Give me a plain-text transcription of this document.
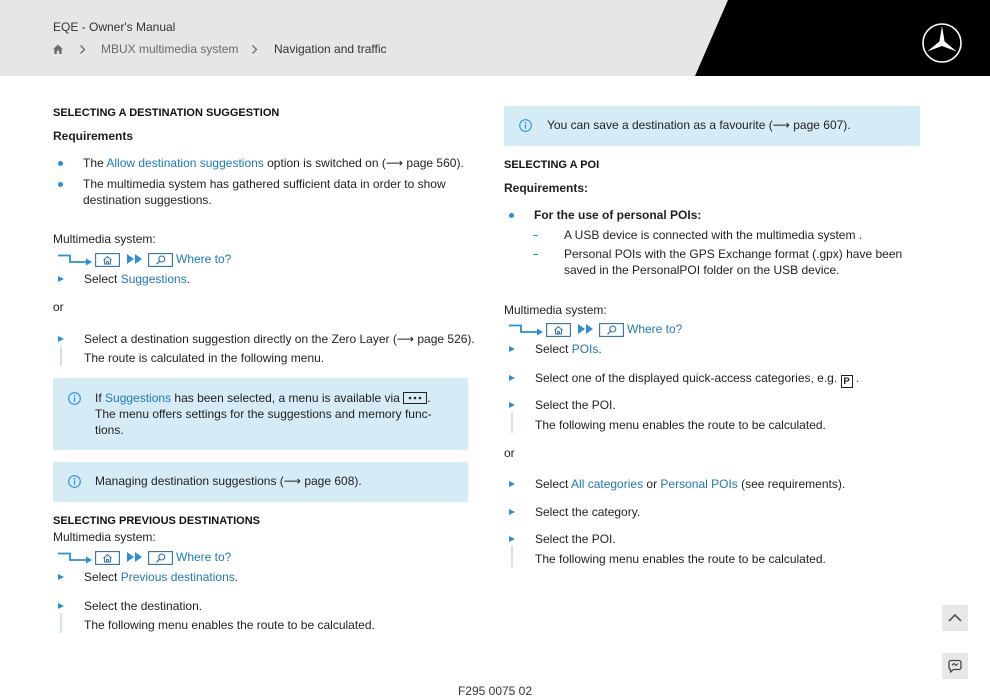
EQE - Owner's Manual
MBUX multimedia system	Navigation and traffic
SELECTING A DESTINATION SUGGESTION
Requirements
The Allow destination suggestions option is switched on (⟶ page 560).
The multimedia system has gathered sufficient data in order to show
destination suggestions.
Multimedia system:
Where to?
Select Suggestions.
or
Select a destination suggestion directly on the Zero Layer (⟶ page 526).
The route is calculated in the following menu.
If Suggestions has been selected, a menu is available via .
The menu offers settings for the suggestions and memory func-
tions.
Managing destination suggestions (⟶ page 608).
SELECTING PREVIOUS DESTINATIONS
Multimedia system:
Where to?
Select Previous destinations.
Select the destination.
The following menu enables the route to be calculated.
You can save a destination as a favourite (⟶ page 607).
SELECTING A POI
Requirements:
For the use of personal POIs:
A USB device is connected with the multimedia system .
Personal POIs with the GPS Exchange format (.gpx) have been
saved in the PersonalPOI folder on the USB device.
Multimedia system:
Where to?
Select POIs.
Select one of the displayed quick-access categories, e.g. P .
Select the POI.
The following menu enables the route to be calculated.
or
Select All categories or Personal POIs (see requirements).
Select the category.
Select the POI.
The following menu enables the route to be calculated.
F295 0075 02
